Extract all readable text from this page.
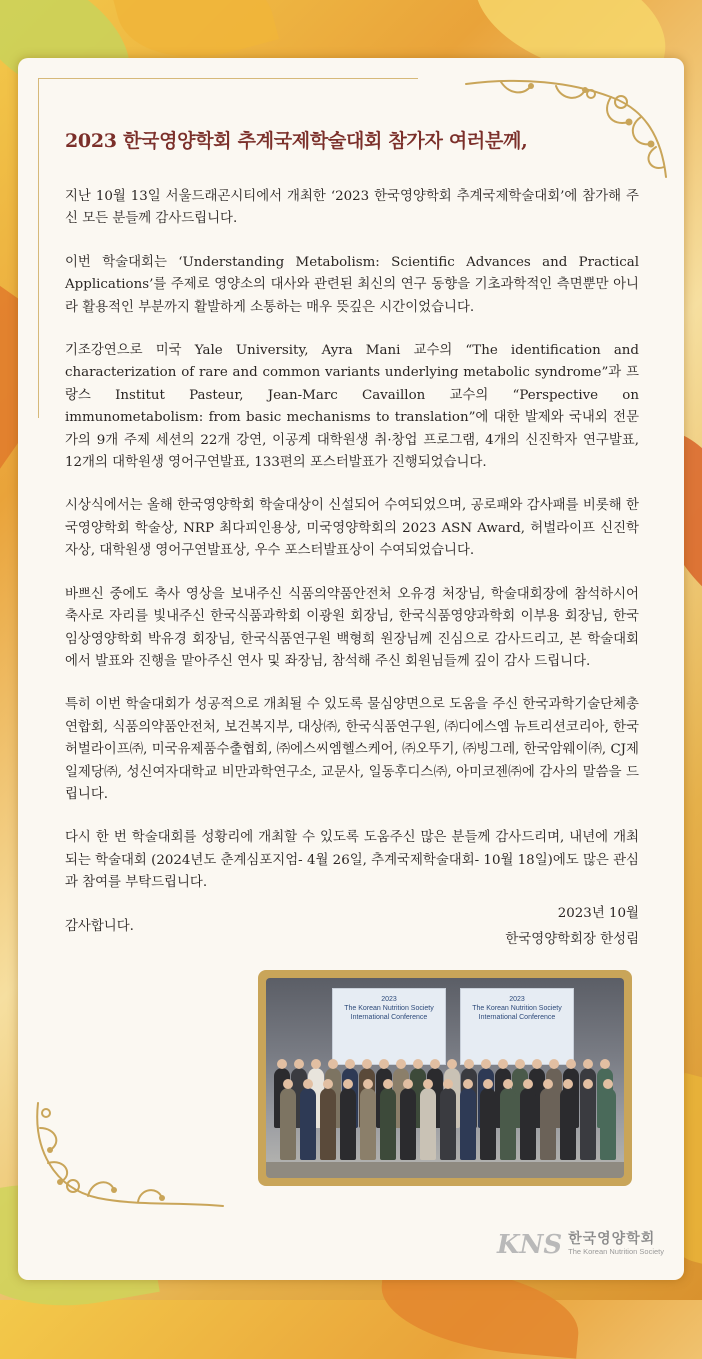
2023 한국영양학회 추계국제학술대회 참가자 여러분께,

지난 10월 13일 서울드래곤시티에서 개최한 ‘2023 한국영양학회 추계국제학술대회’에 참가해 주신 모든 분들께 감사드립니다.

이번 학술대회는 ‘Understanding Metabolism: Scientific Advances and Practical Applications’를 주제로 영양소의 대사와 관련된 최신의 연구 동향을 기초과학적인 측면뿐만 아니라 활용적인 부분까지 활발하게 소통하는 매우 뜻깊은 시간이었습니다.

기조강연으로 미국 Yale University, Ayra Mani 교수의 “The identification and characterization of rare and common variants underlying metabolic syndrome”과 프랑스 Institut Pasteur, Jean-Marc Cavaillon 교수의 “Perspective on immunometabolism: from basic mechanisms to translation”에 대한 발제와 국내외 전문가의 9개 주제 세션의 22개 강연, 이공계 대학원생 취·창업 프로그램, 4개의 신진학자 연구발표, 12개의 대학원생 영어구연발표, 133편의 포스터발표가 진행되었습니다.

시상식에서는 올해 한국영양학회 학술대상이 신설되어 수여되었으며, 공로패와 감사패를 비롯해 한국영양학회 학술상, NRP 최다피인용상, 미국영양학회의 2023 ASN Award, 허벌라이프 신진학자상, 대학원생 영어구연발표상, 우수 포스터발표상이 수여되었습니다.

바쁘신 중에도 축사 영상을 보내주신 식품의약품안전처 오유경 처장님, 학술대회장에 참석하시어 축사로 자리를 빛내주신 한국식품과학회 이광원 회장님, 한국식품영양과학회 이부용 회장님, 한국임상영양학회 박유경 회장님, 한국식품연구원 백형희 원장님께 진심으로 감사드리고, 본 학술대회에서 발표와 진행을 맡아주신 연사 및 좌장님, 참석해 주신 회원님들께 깊이 감사 드립니다.

특히 이번 학술대회가 성공적으로 개최될 수 있도록 물심양면으로 도움을 주신 한국과학기술단체총연합회, 식품의약품안전처, 보건복지부, 대상㈜, 한국식품연구원, ㈜디에스엠 뉴트리션코리아, 한국허벌라이프㈜, 미국유제품수출협회, ㈜에스씨엠헬스케어, ㈜오뚜기, ㈜빙그레, 한국암웨이㈜, CJ제일제당㈜, 성신여자대학교 비만과학연구소, 교문사, 일동후디스㈜, 아미코젠㈜에 감사의 말씀을 드립니다.

다시 한 번 학술대회를 성황리에 개최할 수 있도록 도움주신 많은 분들께 감사드리며, 내년에 개최되는 학술대회 (2024년도 춘계심포지엄- 4월 26일, 추계국제학술대회- 10월 18일)에도 많은 관심과 참여를 부탁드립니다.

감사합니다.

2023년 10월
한국영양학회장 한성림
2023
The Korean Nutrition Society
International Conference
2023
The Korean Nutrition Society
International Conference
KNS 한국영양학회
The Korean Nutrition Society
